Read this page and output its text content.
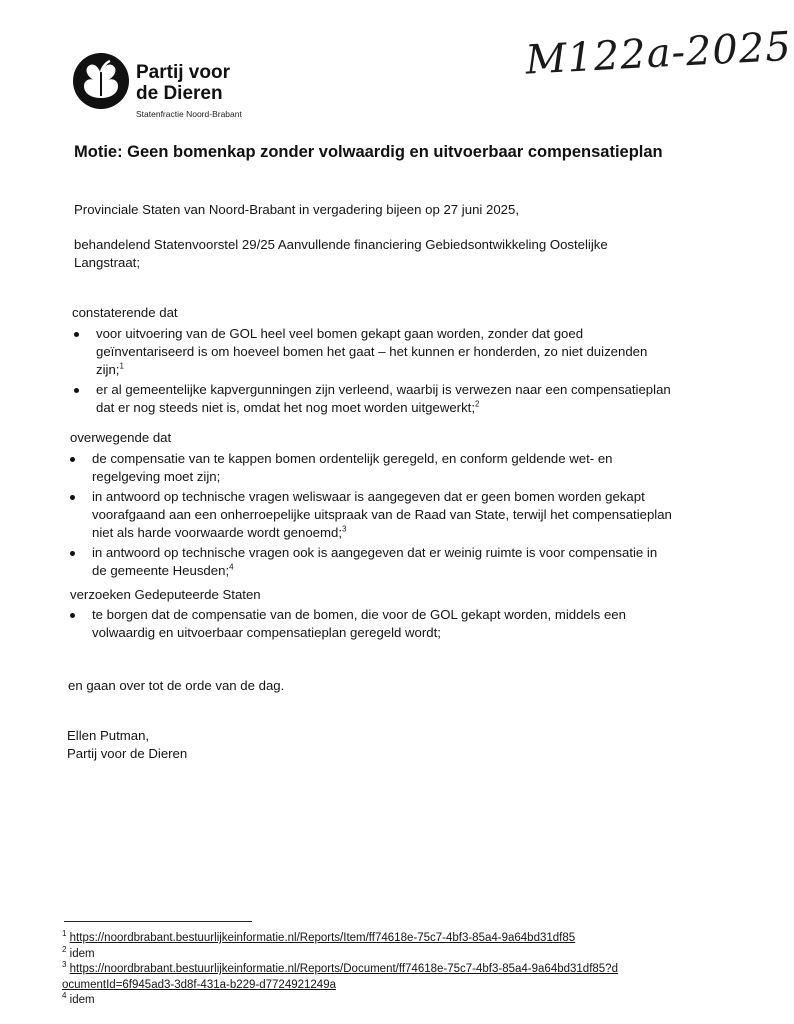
Partij voor
de Dieren
Statenfractie Noord-Brabant
M122a-2025
Motie: Geen bomenkap zonder volwaardig en uitvoerbaar compensatieplan
Provinciale Staten van Noord-Brabant in vergadering bijeen op 27 juni 2025,
behandelend Statenvoorstel 29/25 Aanvullende financiering Gebiedsontwikkeling Oostelijke Langstraat;
constaterende dat
voor uitvoering van de GOL heel veel bomen gekapt gaan worden, zonder dat goed geïnventariseerd is om hoeveel bomen het gaat – het kunnen er honderden, zo niet duizenden zijn;$^1$
er al gemeentelijke kapvergunningen zijn verleend, waarbij is verwezen naar een compensatieplan dat er nog steeds niet is, omdat het nog moet worden uitgewerkt;$^2$
overwegende dat
de compensatie van te kappen bomen ordentelijk geregeld, en conform geldende wet- en regelgeving moet zijn;
in antwoord op technische vragen weliswaar is aangegeven dat er geen bomen worden gekapt voorafgaand aan een onherroepelijke uitspraak van de Raad van State, terwijl het compensatieplan niet als harde voorwaarde wordt genoemd;$^3$
in antwoord op technische vragen ook is aangegeven dat er weinig ruimte is voor compensatie in de gemeente Heusden;$^4$
verzoeken Gedeputeerde Staten
te borgen dat de compensatie van de bomen, die voor de GOL gekapt worden, middels een volwaardig en uitvoerbaar compensatieplan geregeld wordt;
en gaan over tot de orde van de dag.
Ellen Putman,
Partij voor de Dieren
$^1$ https://noordbrabant.bestuurlijkeinformatie.nl/Reports/Item/ff74618e-75c7-4bf3-85a4-9a64bd31df85
$^2$ idem
$^3$ https://noordbrabant.bestuurlijkeinformatie.nl/Reports/Document/ff74618e-75c7-4bf3-85a4-9a64bd31df85?documentId=6f945ad3-3d8f-431a-b229-d7724921249a
$^4$ idem
